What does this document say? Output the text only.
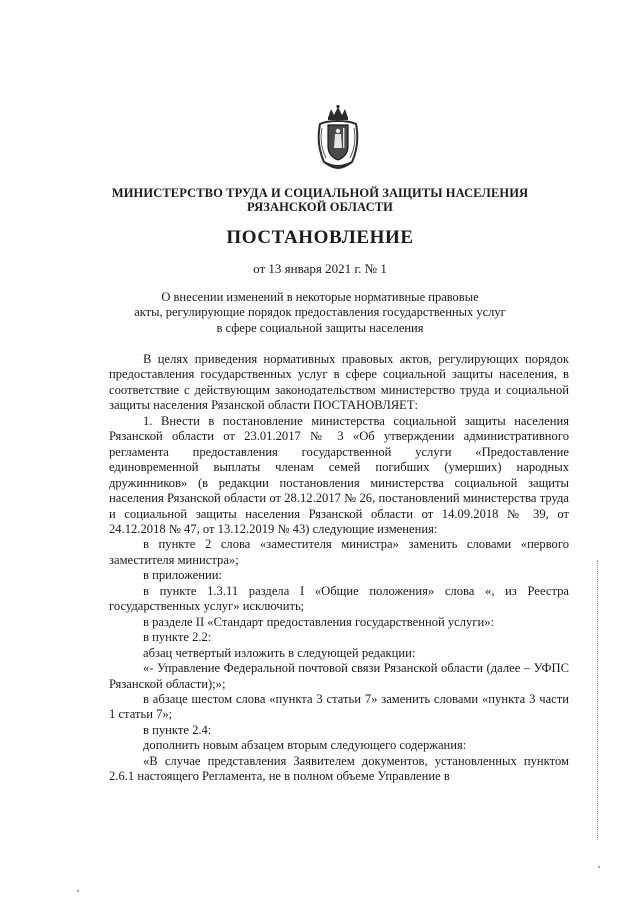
МИНИСТЕРСТВО ТРУДА И СОЦИАЛЬНОЙ ЗАЩИТЫ НАСЕЛЕНИЯ
РЯЗАНСКОЙ ОБЛАСТИ
ПОСТАНОВЛЕНИЕ
от 13 января 2021 г. № 1
О внесении изменений в некоторые нормативные правовые
акты, регулирующие порядок предоставления государственных услуг
в сфере социальной защиты населения

В целях приведения нормативных правовых актов, регулирующих порядок предоставления государственных услуг в сфере социальной защиты населения, в соответствие с действующим законодательством министерство труда и социальной защиты населения Рязанской области ПОСТАНОВЛЯЕТ:

1. Внести в постановление министерства социальной защиты населения Рязанской области от 23.01.2017 № 3 «Об утверждении административного регламента предоставления государственной услуги «Предоставление единовременной выплаты членам семей погибших (умерших) народных дружинников» (в редакции постановления министерства социальной защиты населения Рязанской области от 28.12.2017 № 26, постановлений министерства труда и социальной защиты населения Рязанской области от 14.09.2018 № 39, от 24.12.2018 № 47, от 13.12.2019 № 43) следующие изменения:

в пункте 2 слова «заместителя министра» заменить словами «первого заместителя министра»;

в приложении:

в пункте 1.3.11 раздела I «Общие положения» слова «, из Реестра государственных услуг» исключить;

в разделе II «Стандарт предоставления государственной услуги»:

в пункте 2.2:

абзац четвертый изложить в следующей редакции:

«- Управление Федеральной почтовой связи Рязанской области (далее – УФПС Рязанской области);»;

в абзаце шестом слова «пункта 3 статьи 7» заменить словами «пункта 3 части 1 статьи 7»;

в пункте 2.4:

дополнить новым абзацем вторым следующего содержания:

«В случае представления Заявителем документов, установленных пунктом 2.6.1 настоящего Регламента, не в полном объеме Управление в
